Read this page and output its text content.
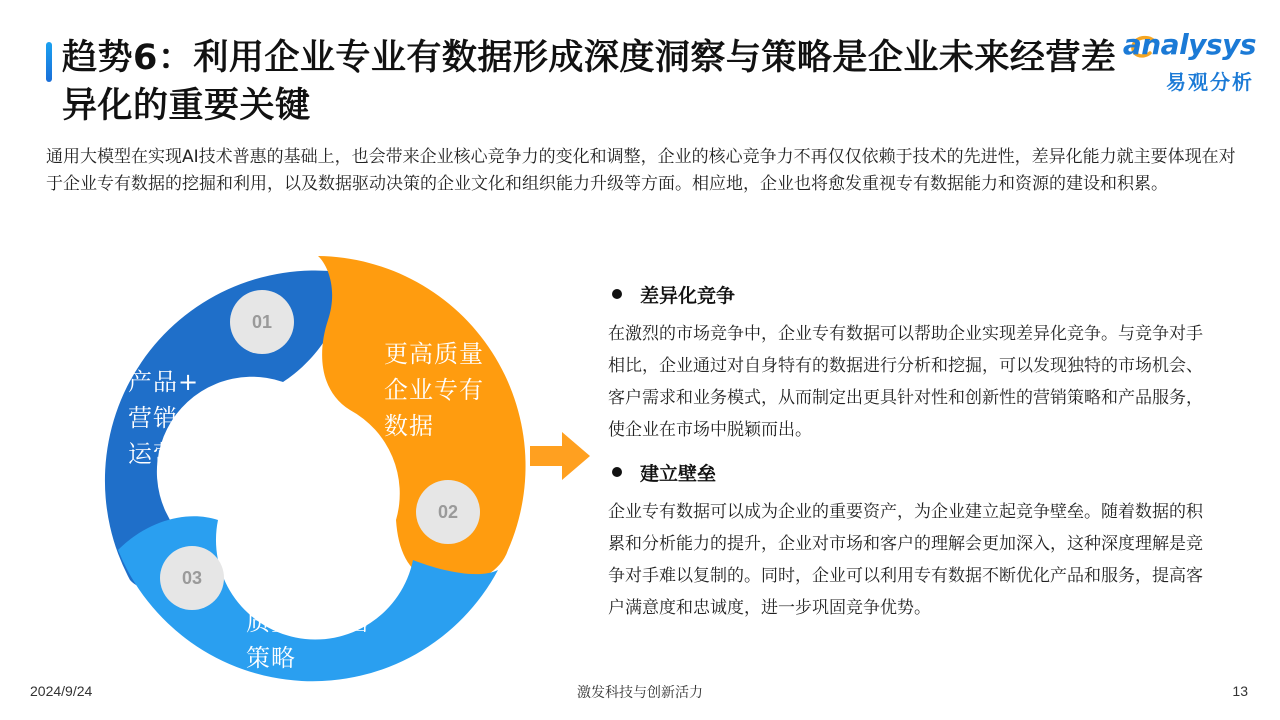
趋势6：利用企业专业有数据形成深度洞察与策略是企业未来经营差异化的重要关键
analysys
易观分析
通用大模型在实现AI技术普惠的基础上，也会带来企业核心竞争力的变化和调整，企业的核心竞争力不再仅仅依赖于技术的先进性，差异化能力就主要体现在对于企业专有数据的挖掘和利用，以及数据驱动决策的企业文化和组织能力升级等方面。相应地，企业也将愈发重视专有数据能力和资源的建设和积累。
01
02
03
产品+
营销+
运营
更高质量
企业专有
数据
更好的模型
质量与经营
策略
差异化竞争
在激烈的市场竞争中，企业专有数据可以帮助企业实现差异化竞争。与竞争对手相比，企业通过对自身特有的数据进行分析和挖掘，可以发现独特的市场机会、客户需求和业务模式，从而制定出更具针对性和创新性的营销策略和产品服务，使企业在市场中脱颖而出。
建立壁垒
企业专有数据可以成为企业的重要资产，为企业建立起竞争壁垒。随着数据的积累和分析能力的提升，企业对市场和客户的理解会更加深入，这种深度理解是竞争对手难以复制的。同时，企业可以利用专有数据不断优化产品和服务，提高客户满意度和忠诚度，进一步巩固竞争优势。
2024/9/24	激发科技与创新活力	13
